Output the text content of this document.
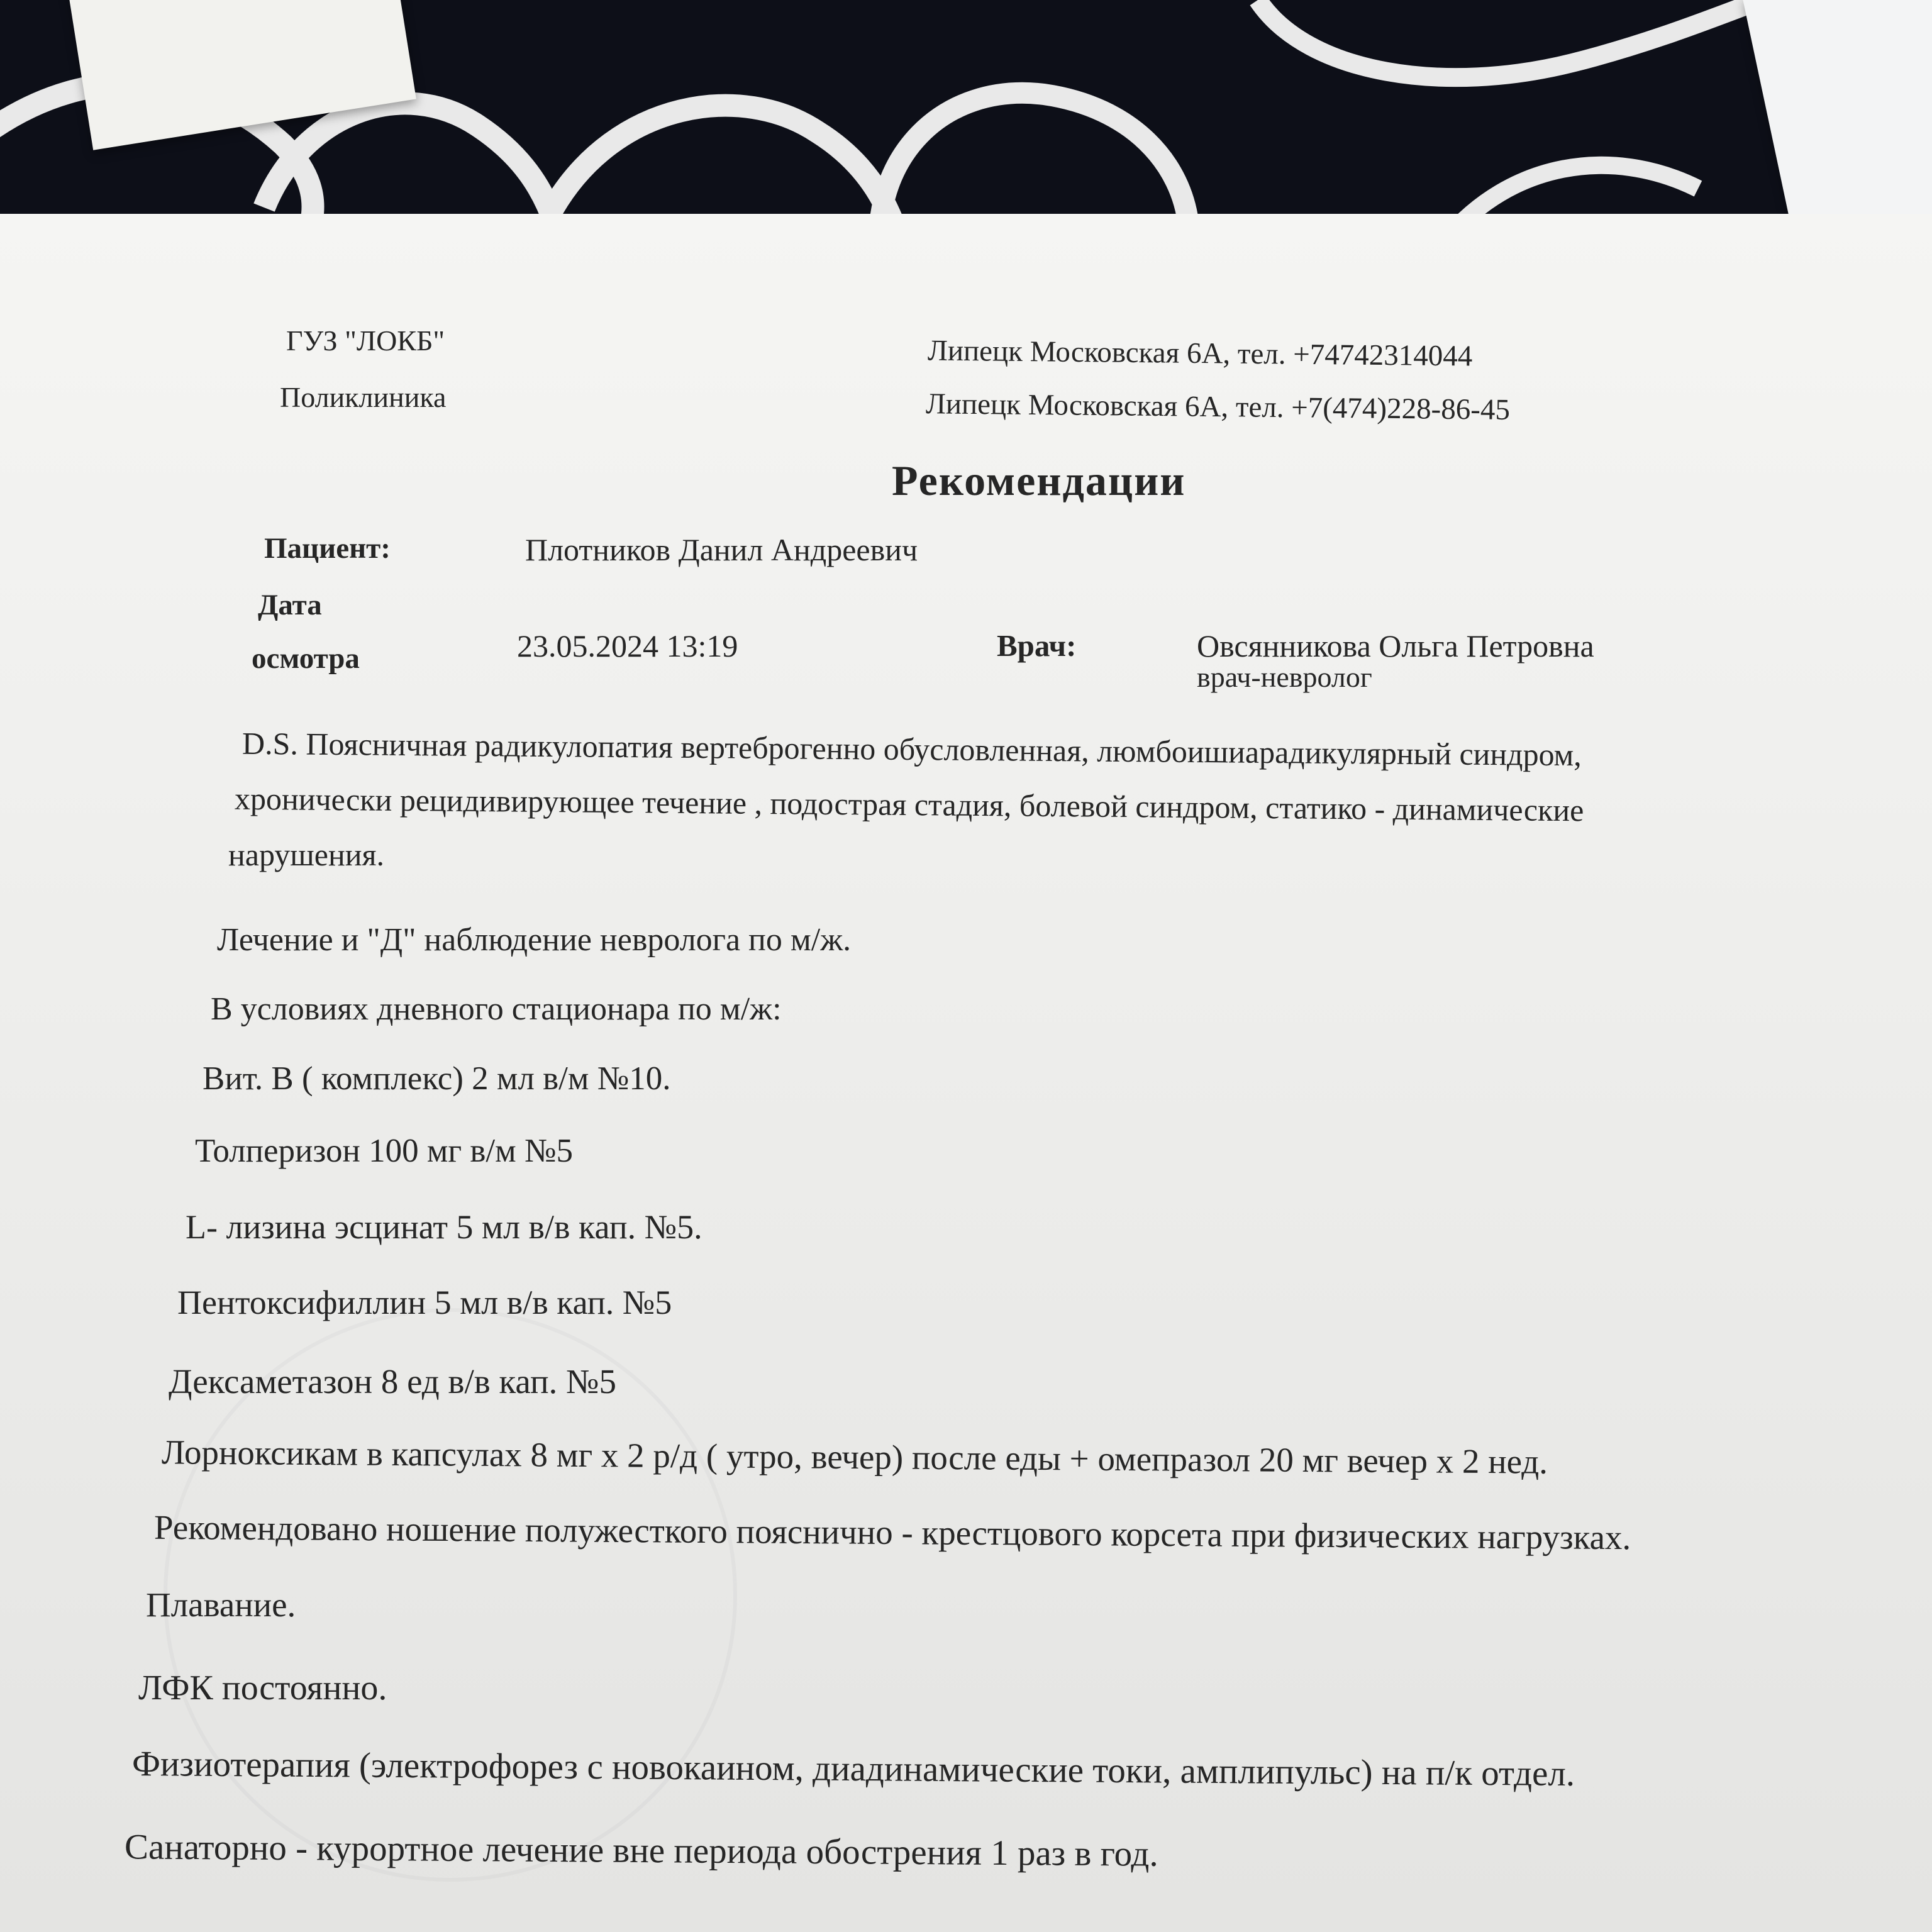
ГУЗ "ЛОКБ"
Поликлиника
Липецк Московская 6А, тел. +74742314044
Липецк Московская 6А, тел. +7(474)228-86-45
Рекомендации
Пациент:	Плотников Данил Андреевич
Дата
осмотра	23.05.2024 13:19	Врач:	Овсянникова Ольга Петровна
врач-невролог
D.S. Поясничная радикулопатия вертеброгенно обусловленная, люмбоишиарадикулярный синдром,
хронически рецидивирующее течение , подострая стадия, болевой синдром, статико - динамические
нарушения.
Лечение и "Д" наблюдение невролога по м/ж.
В условиях дневного стационара по м/ж:
Вит. В ( комплекс) 2 мл в/м №10.
Толперизон 100 мг в/м №5
L- лизина эсцинат 5 мл в/в кап. №5.
Пентоксифиллин 5 мл в/в кап. №5
Дексаметазон 8 ед в/в кап. №5
Лорноксикам в капсулах 8 мг х 2 р/д ( утро, вечер) после еды + омепразол 20 мг вечер х 2 нед.
Рекомендовано ношение полужесткого пояснично - крестцового корсета при физических нагрузках.
Плавание.
ЛФК постоянно.
Физиотерапия (электрофорез с новокаином, диадинамические токи, амплипульс) на п/к отдел.
Санаторно - курортное лечение вне периода обострения 1 раз в год.
